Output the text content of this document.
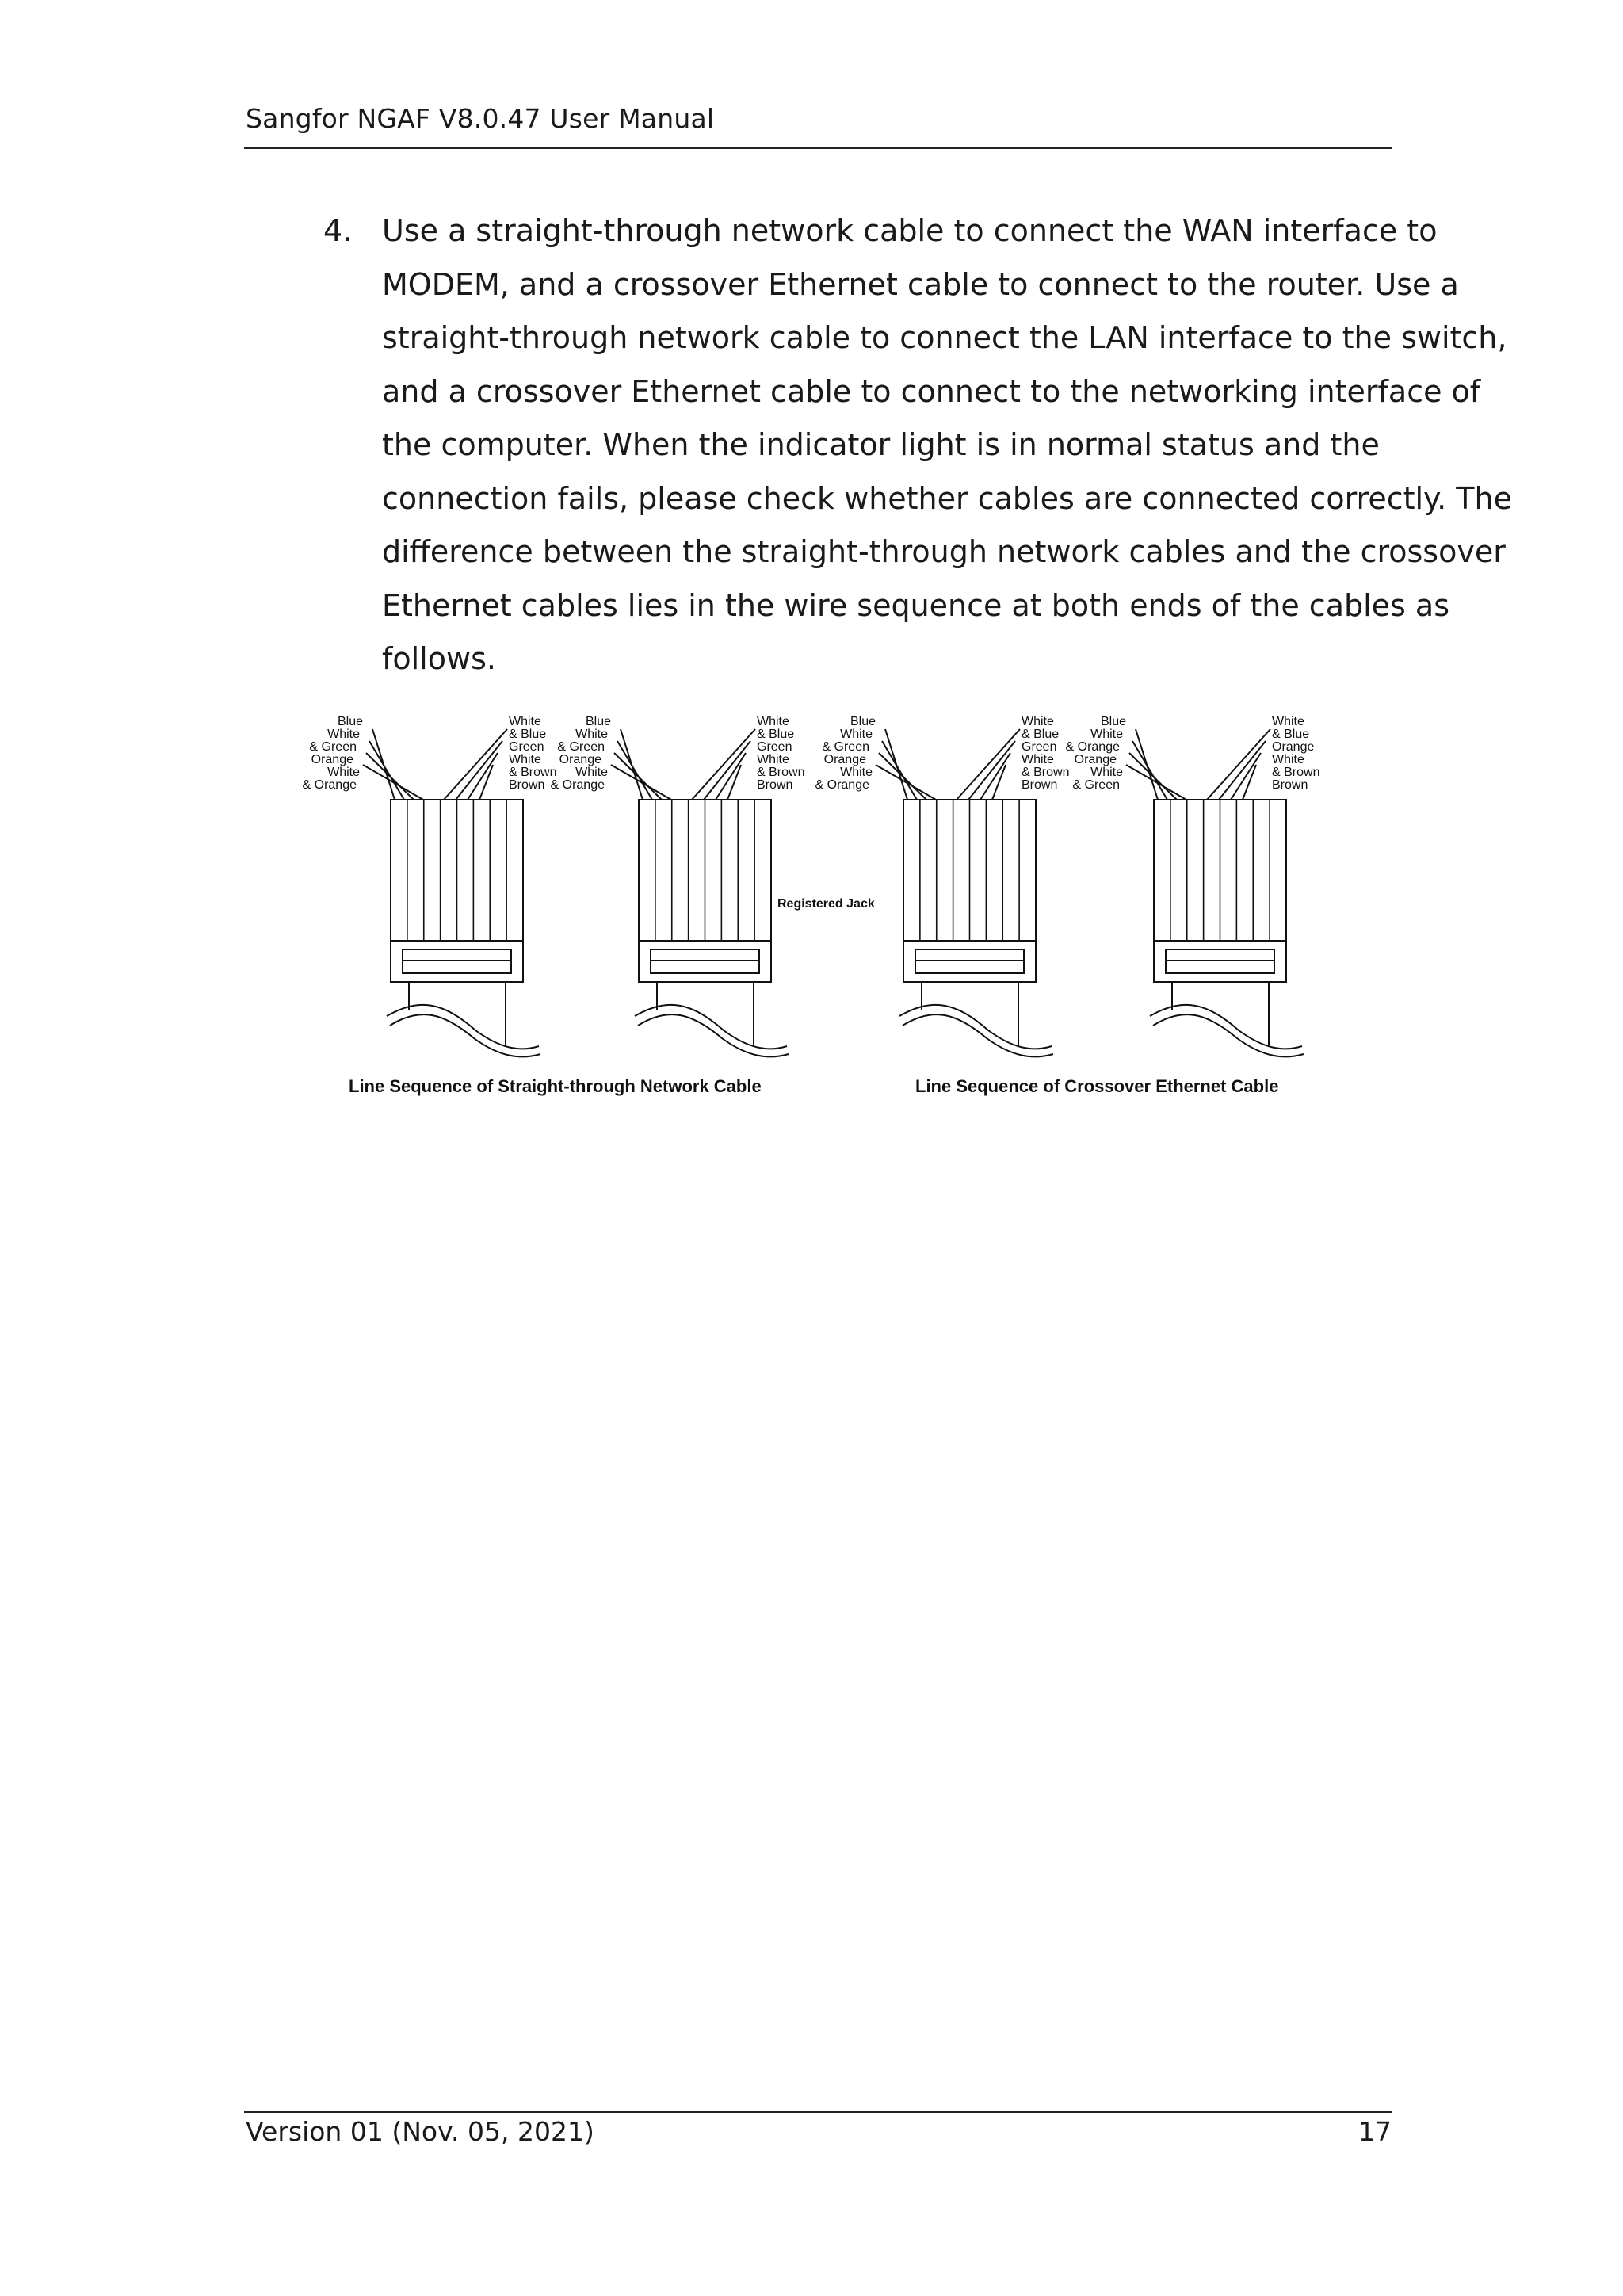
Sangfor NGAF V8.0.47 User Manual
4. Use a straight-through network cable to connect the WAN interface to
MODEM, and a crossover Ethernet cable to connect to the router. Use a
straight-through network cable to connect the LAN interface to the switch,
and a crossover Ethernet cable to connect to the networking interface of
the computer. When the indicator light is in normal status and the
connection fails, please check whether cables are connected correctly. The
difference between the straight-through network cables and the crossover
Ethernet cables lies in the wire sequence at both ends of the cables as
follows.
Blue
White
& Green
Orange
White
& Orange
White
& Blue
Green
White
& Brown
Brown
Blue
White
& Green
Orange
White
& Orange
White
& Blue
Green
White
& Brown
Brown
Blue
White
& Green
Orange
White
& Orange
White
& Blue
Green
White
& Brown
Brown
Blue
White
& Orange
Orange
White
& Green
White
& Blue
Orange
White
& Brown
Brown
Registered Jack
Line Sequence of Straight-through Network Cable	Line Sequence of Crossover Ethernet Cable
Version 01 (Nov. 05, 2021)	17
